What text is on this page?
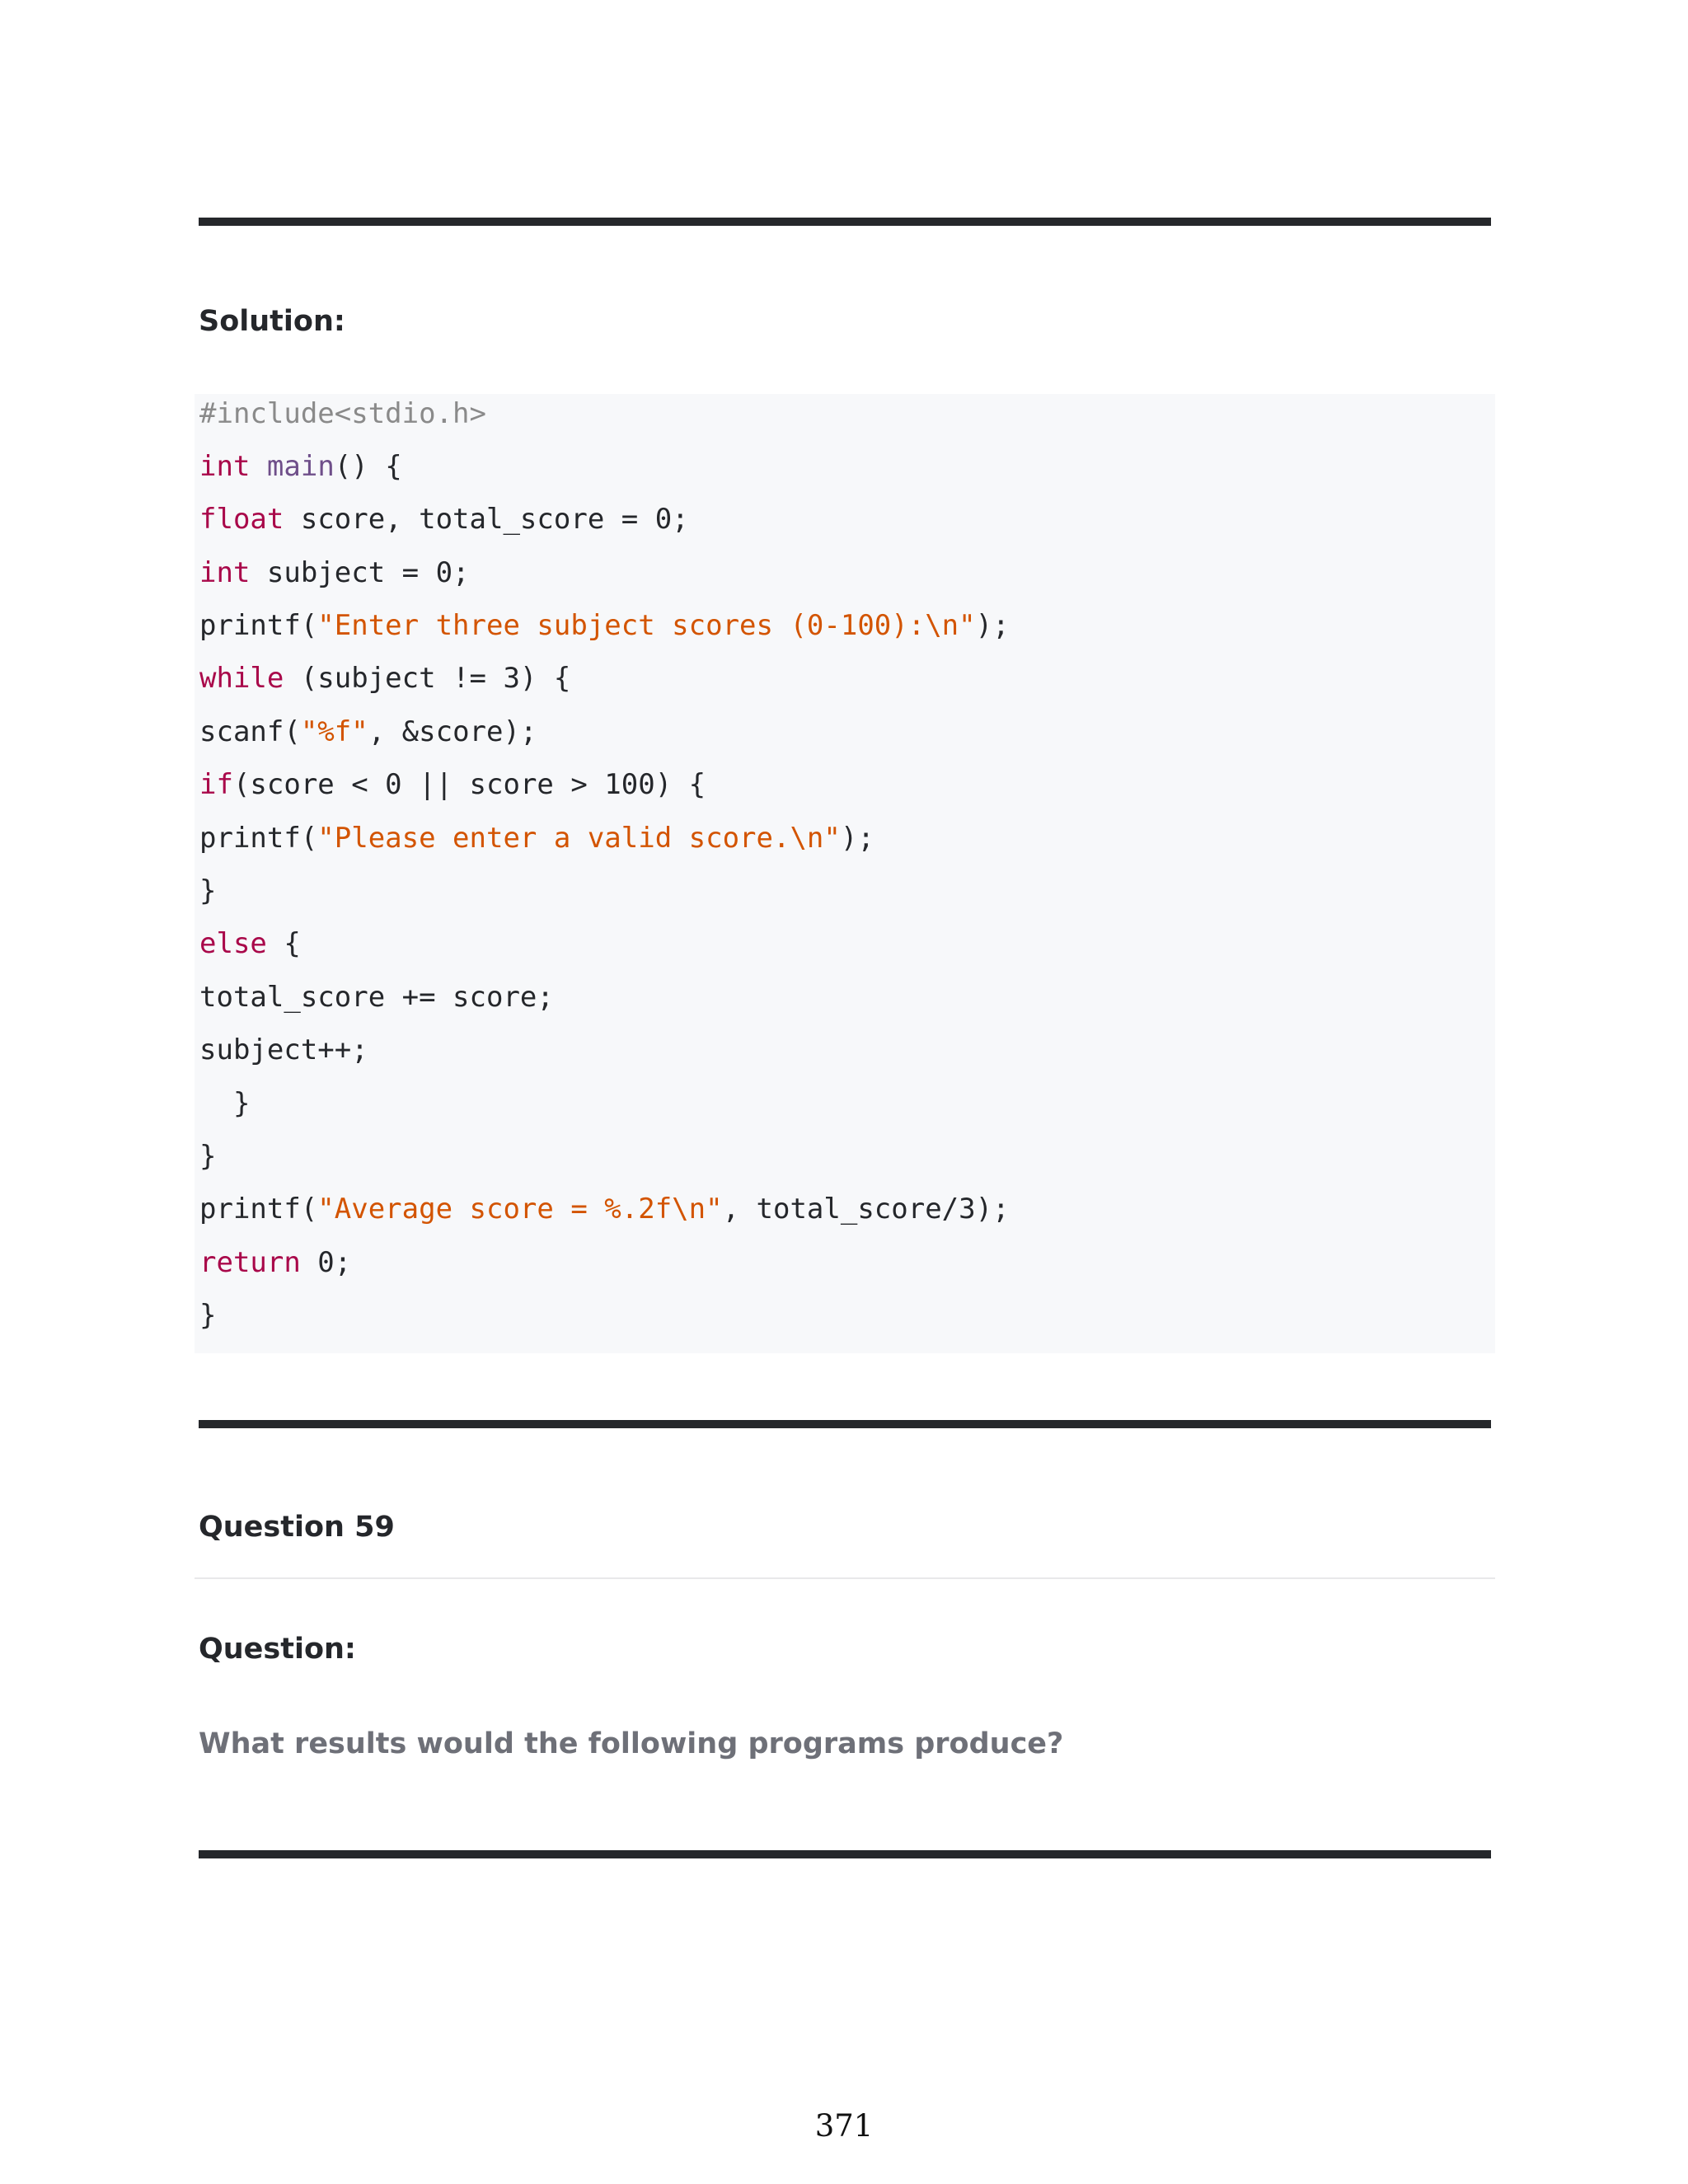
Solution:
#include<stdio.h>
int main() {
float score, total_score = 0;
int subject = 0;
printf("Enter three subject scores (0-100):\n");
while (subject != 3) {
scanf("%f", &score);
if(score < 0 || score > 100) {
printf("Please enter a valid score.\n");
}
else {
total_score += score;
subject++;
}
}
printf("Average score = %.2f\n", total_score/3);
return 0;
}
Question 59
Question:
What results would the following programs produce?
371
